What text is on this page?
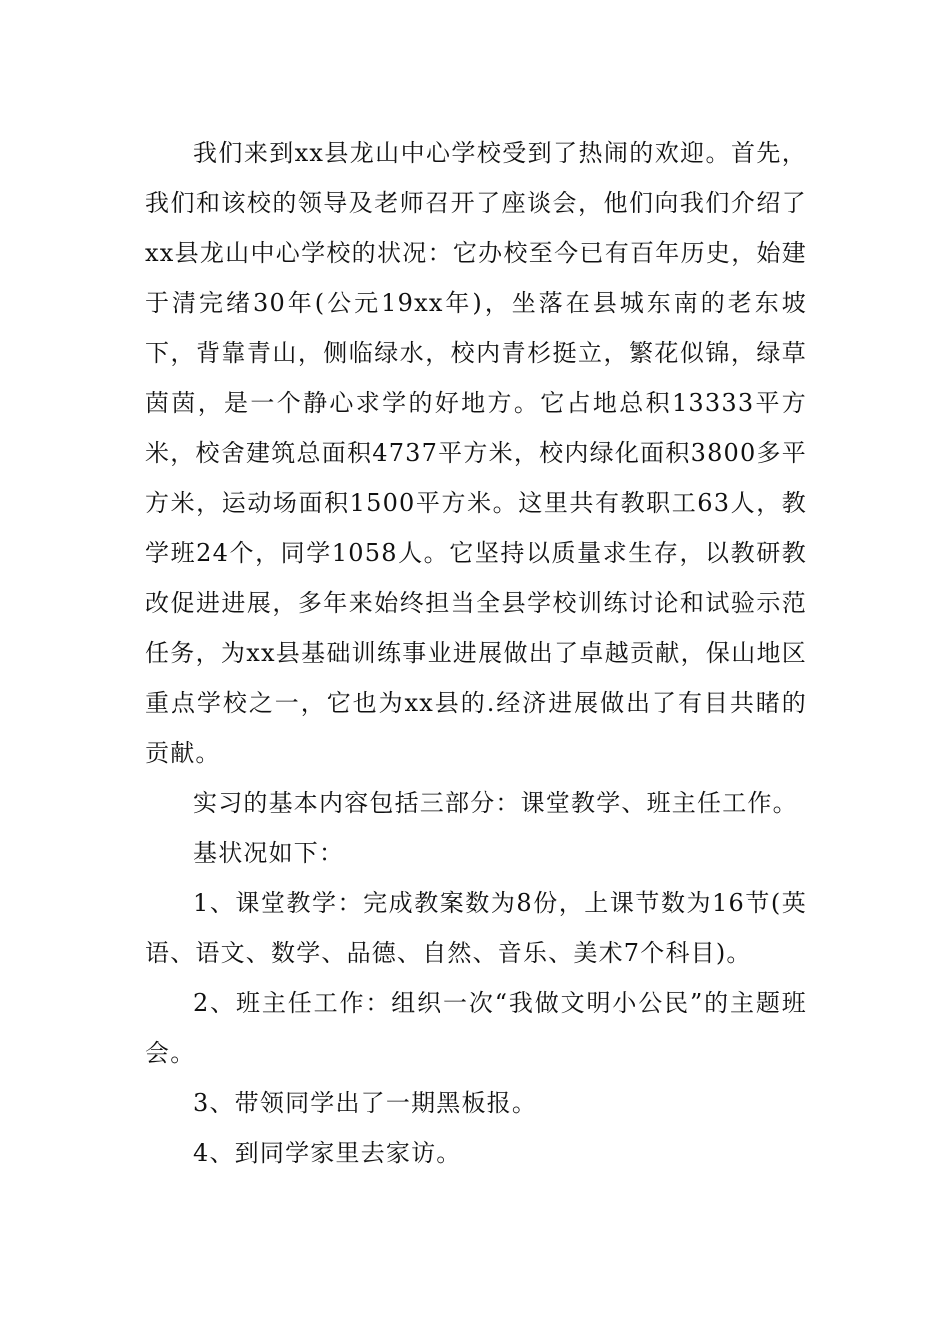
我们来到xx县龙山中心学校受到了热闹的欢迎。首先，我们和该校的领导及老师召开了座谈会，他们向我们介绍了xx县龙山中心学校的状况：它办校至今已有百年历史，始建于清完绪30年(公元19xx年)，坐落在县城东南的老东坡下，背靠青山，侧临绿水，校内青杉挺立，繁花似锦，绿草茵茵，是一个静心求学的好地方。它占地总积13333平方米，校舍建筑总面积4737平方米，校内绿化面积3800多平方米，运动场面积1500平方米。这里共有教职工63人，教学班24个，同学1058人。它坚持以质量求生存，以教研教改促进进展，多年来始终担当全县学校训练讨论和试验示范任务，为xx县基础训练事业进展做出了卓越贡献，保山地区重点学校之一，它也为xx县的.经济进展做出了有目共睹的贡献。

实习的基本内容包括三部分：课堂教学、班主任工作。

基状况如下：

1、课堂教学：完成教案数为8份，上课节数为16节(英语、语文、数学、品德、自然、音乐、美术7个科目)。

2、班主任工作：组织一次“我做文明小公民”的主题班会。

3、带领同学出了一期黑板报。

4、到同学家里去家访。
